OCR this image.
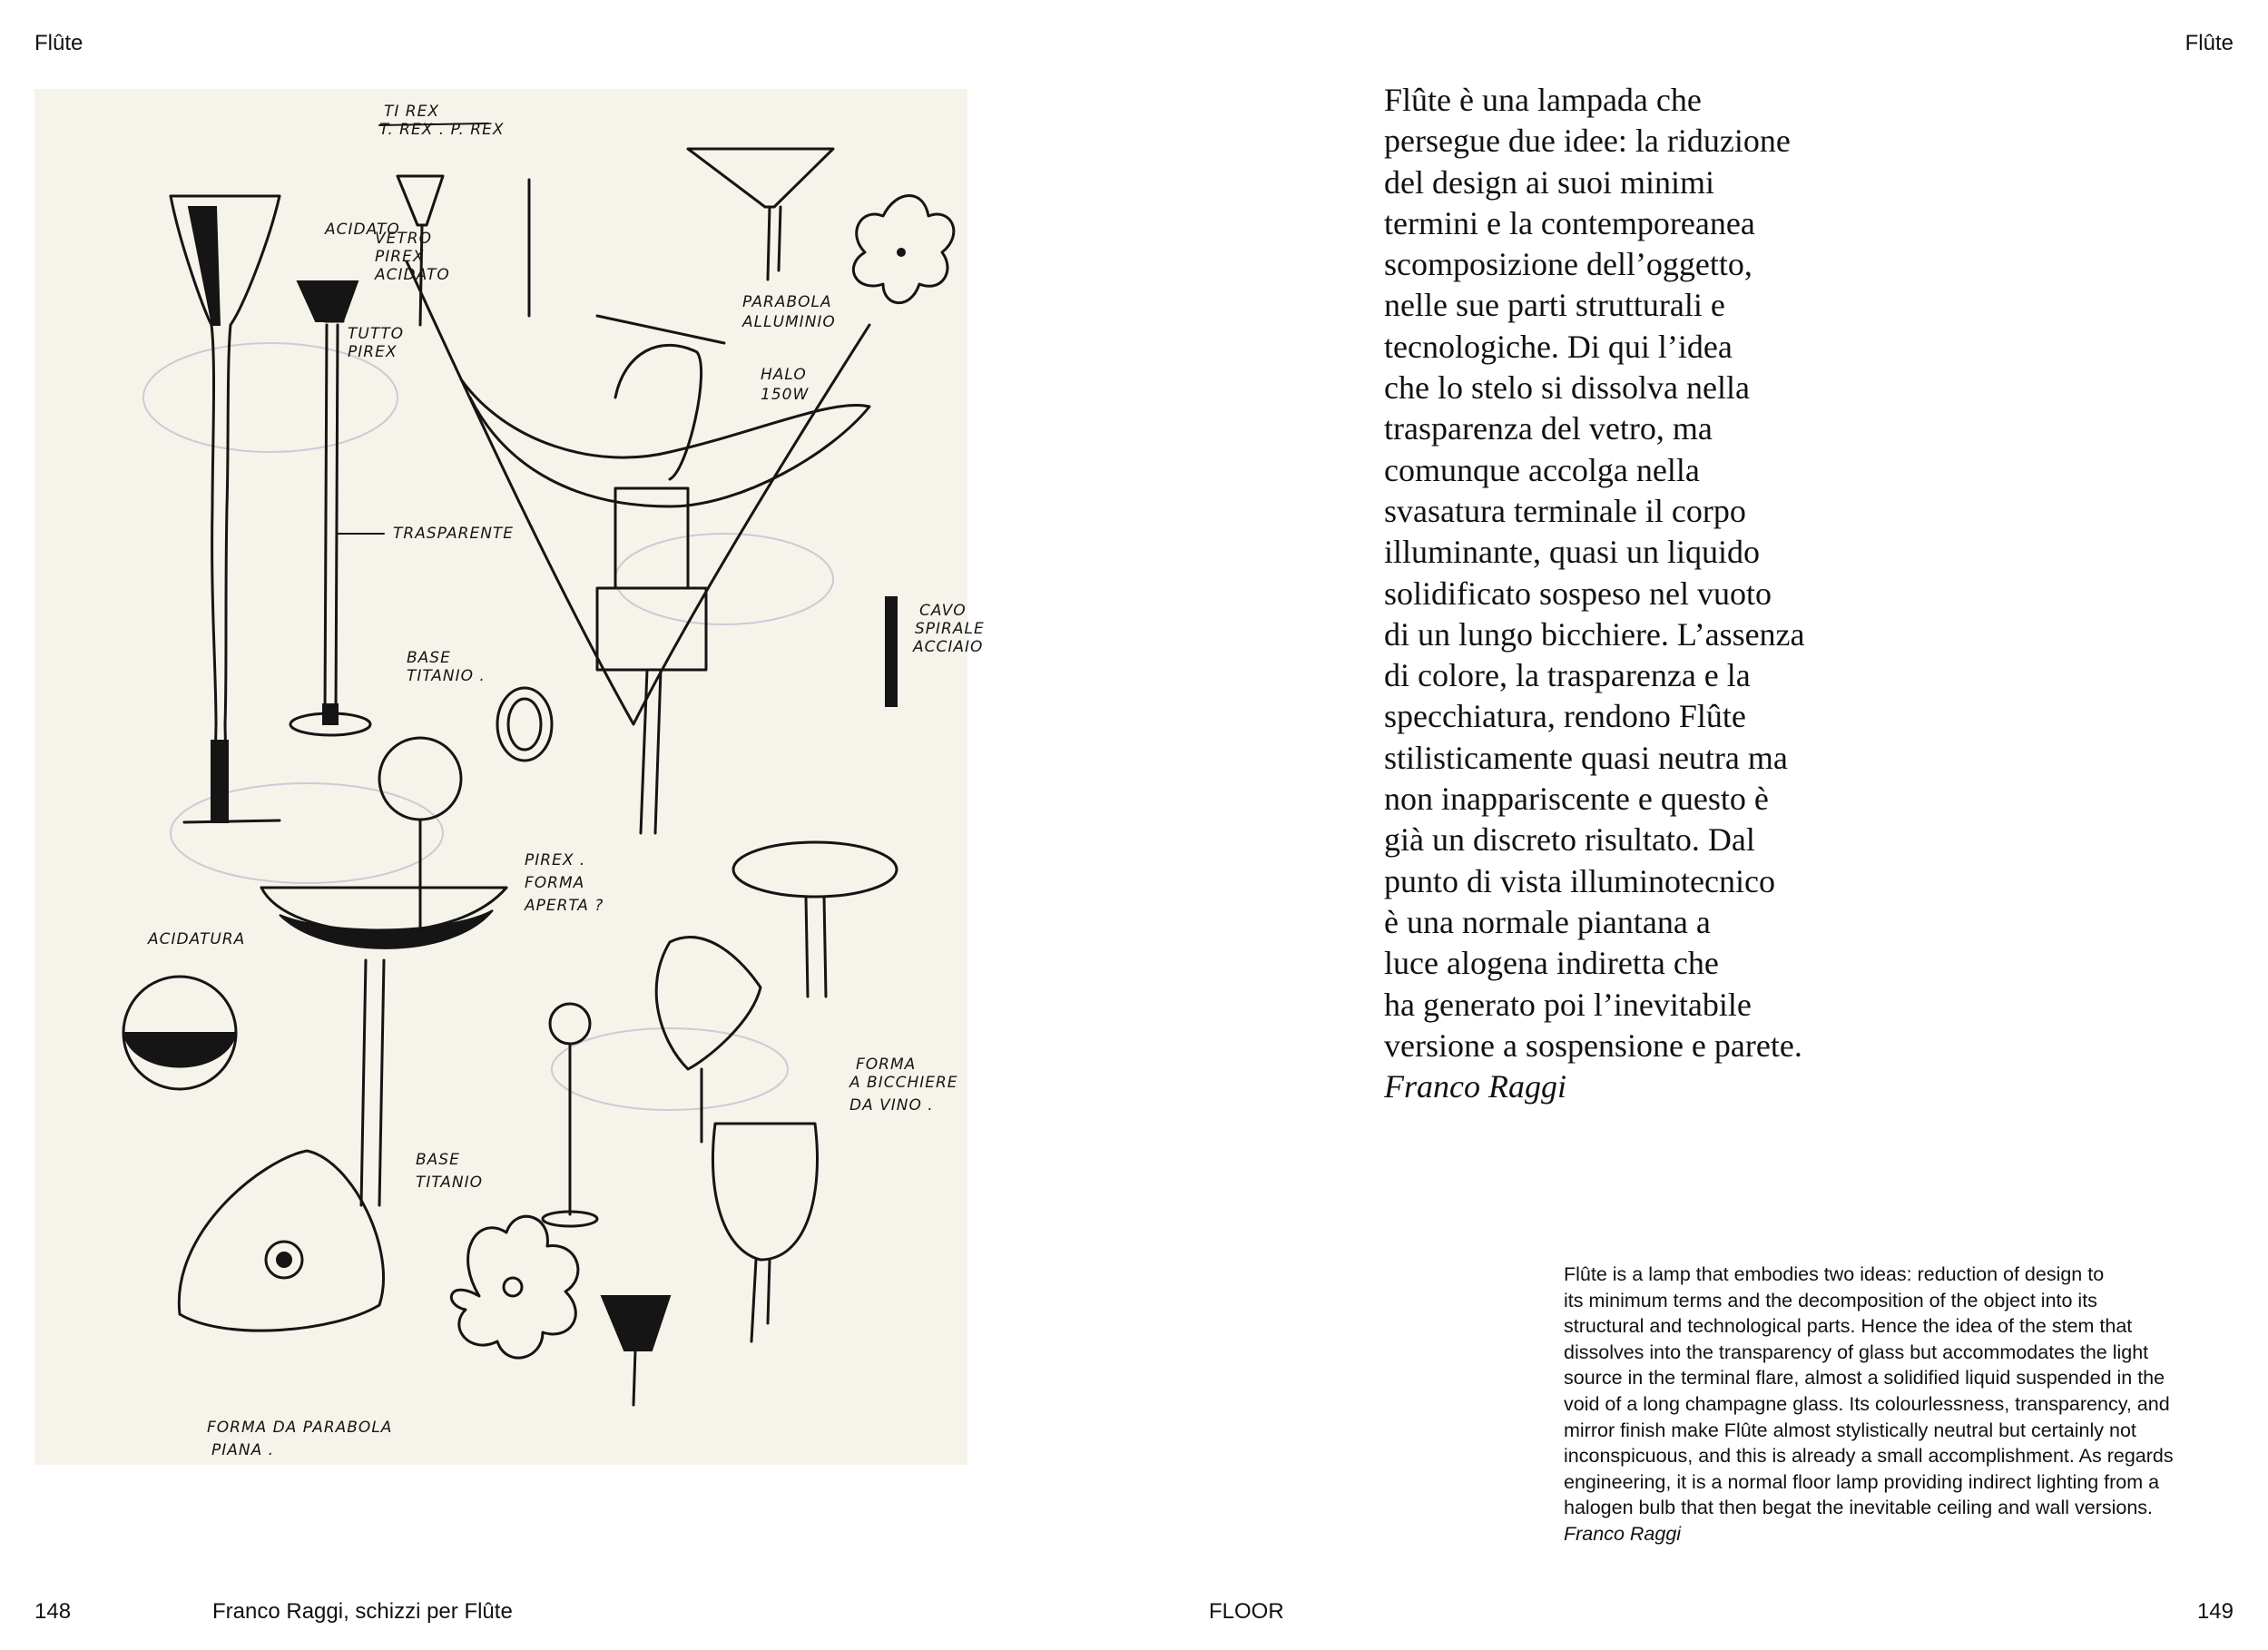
Flûte
TI REX
T. REX . P. REX
ACIDATO
VETRO
PIREX
ACIDATO
TUTTO
PIREX
TRASPARENTE
BASE
TITANIO .
PARABOLA
ALLUMINIO
HALO
150W
CAVO
SPIRALE
ACCIAIO
PIREX .
FORMA
APERTA ?
ACIDATURA
FORMA
A BICCHIERE
DA VINO .
BASE
TITANIO
FORMA DA PARABOLA
PIANA .
148	Franco Raggi, schizzi per Flûte
Flûte
Flûte è una lampada che
persegue due idee: la riduzione
del design ai suoi minimi
termini e la contemporeanea
scomposizione dell’oggetto,
nelle sue parti strutturali e
tecnologiche. Di qui l’idea
che lo stelo si dissolva nella
trasparenza del vetro, ma
comunque accolga nella
svasatura terminale il corpo
illuminante, quasi un liquido
solidificato sospeso nel vuoto
di un lungo bicchiere. L’assenza
di colore, la trasparenza e la
specchiatura, rendono Flûte
stilisticamente quasi neutra ma
non inappariscente e questo è
già un discreto risultato. Dal
punto di vista illuminotecnico
è una normale piantana a
luce alogena indiretta che
ha generato poi l’inevitabile
versione a sospensione e parete.
Franco Raggi
Flûte is a lamp that embodies two ideas: reduction of design to
its minimum terms and the decomposition of the object into its
structural and technological parts. Hence the idea of the stem that
dissolves into the transparency of glass but accommodates the light
source in the terminal flare, almost a solidified liquid suspended in the
void of a long champagne glass. Its colourlessness, transparency, and
mirror finish make Flûte almost stylistically neutral but certainly not
inconspicuous, and this is already a small accomplishment. As regards
engineering, it is a normal floor lamp providing indirect lighting from a
halogen bulb that then begat the inevitable ceiling and wall versions.
Franco Raggi
FLOOR	149
